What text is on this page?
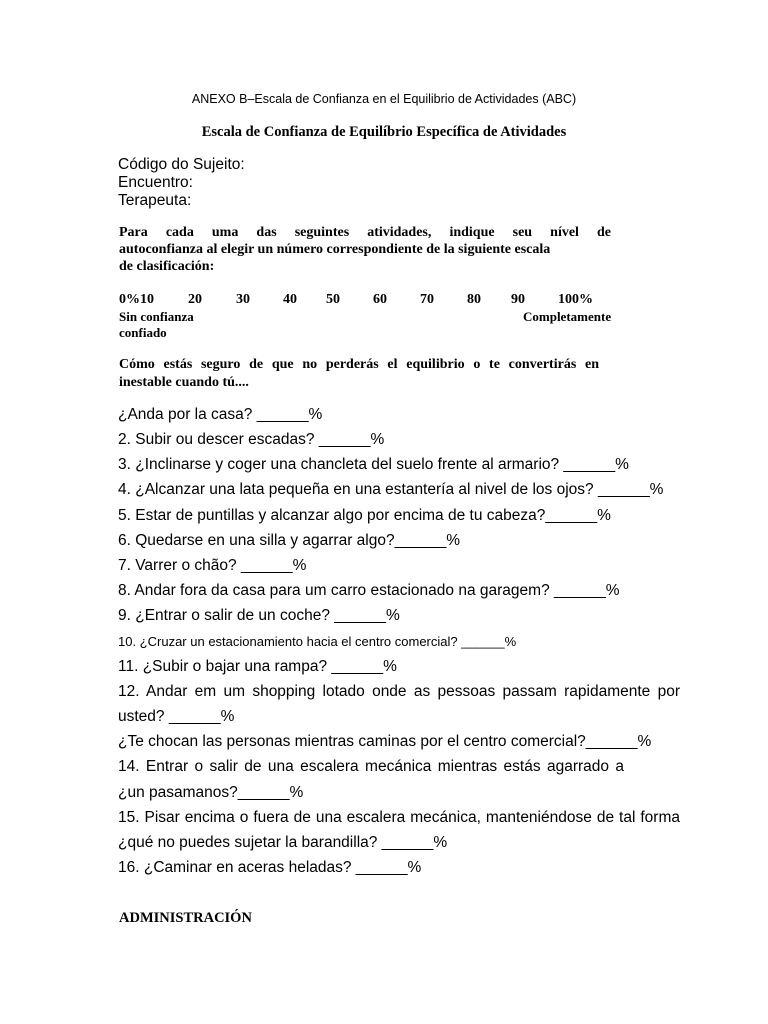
ANEXO B–Escala de Confianza en el Equilibrio de Actividades (ABC)
Escala de Confianza de Equilíbrio Específica de Atividades
Código do Sujeito:
Encuentro:
Terapeuta:
Para cada uma das seguintes atividades, indique seu nível de
autoconfianza al elegir un número correspondiente de la siguiente escala
de clasificación:
0%10 20 30 40 50 60 70 80 90 100%
Sin confianza	Completamente
confiado
Cómo estás seguro de que no perderás el equilibrio o te convertirás en
inestable cuando tú....
¿Anda por la casa? ______%
2. Subir ou descer escadas? ______%
3. ¿Inclinarse y coger una chancleta del suelo frente al armario? ______%
4. ¿Alcanzar una lata pequeña en una estantería al nivel de los ojos? ______%
5. Estar de puntillas y alcanzar algo por encima de tu cabeza?______%
6. Quedarse en una silla y agarrar algo?______%
7. Varrer o chão? ______%
8. Andar fora da casa para um carro estacionado na garagem? ______%
9. ¿Entrar o salir de un coche? ______%
10. ¿Cruzar un estacionamiento hacia el centro comercial? ______%
11. ¿Subir o bajar una rampa? ______%
12. Andar em um shopping lotado onde as pessoas passam rapidamente por
usted? ______%
¿Te chocan las personas mientras caminas por el centro comercial?______%
14. Entrar o salir de una escalera mecánica mientras estás agarrado a
¿un pasamanos?______%
15. Pisar encima o fuera de una escalera mecánica, manteniéndose de tal forma
¿qué no puedes sujetar la barandilla? ______%
16. ¿Caminar en aceras heladas? ______%
ADMINISTRACIÓN
